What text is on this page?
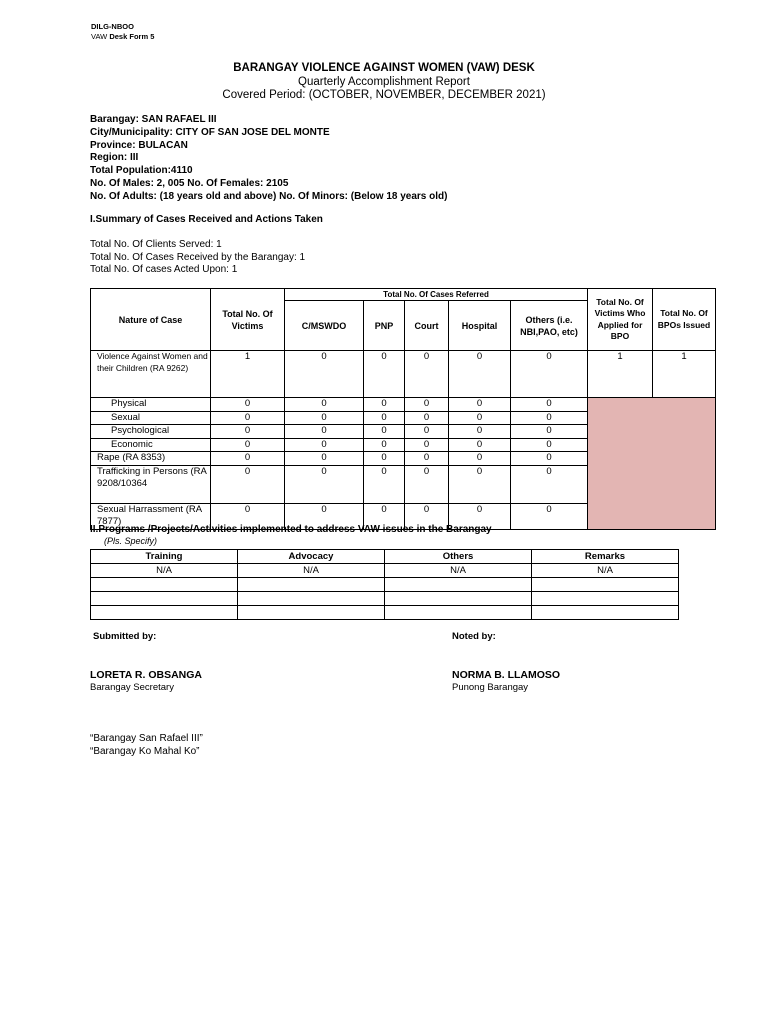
DILG-NBOO
VAW Desk Form 5
BARANGAY VIOLENCE AGAINST WOMEN (VAW) DESK
Quarterly Accomplishment Report
Covered Period: (OCTOBER, NOVEMBER, DECEMBER 2021)
Barangay: SAN RAFAEL III
City/Municipality: CITY OF SAN JOSE DEL MONTE
Province: BULACAN
Region: III
Total Population:4110
No. Of Males: 2, 005 No. Of Females: 2105
No. Of Adults: (18 years old and above) No. Of Minors: (Below 18 years old)
I.Summary of Cases Received and Actions Taken
Total No. Of Clients Served: 1
Total No. Of Cases Received by the Barangay: 1
Total No. Of cases Acted Upon: 1
Nature of Case	Total No. Of Victims	Total No. Of Cases Referred					Total No. Of Victims Who Applied for BPO	Total No. Of BPOs Issued
		C/MSWDO	PNP	Court	Hospital	Others (i.e. NBI,PAO, etc)		
Violence Against Women and their Children (RA 9262)	1	0	0	0	0	0	1	1
Physical	0	0	0	0	0	0		
Sexual	0	0	0	0	0	0		
Psychological	0	0	0	0	0	0		
Economic	0	0	0	0	0	0		
Rape (RA 8353)	0	0	0	0	0	0		
Trafficking in Persons (RA 9208/10364	0	0	0	0	0	0		
Sexual Harrassment (RA 7877)	0	0	0	0	0	0		
II.Programs /Projects/Activities implemented to address VAW issues in the Barangay
(Pls. Specify)
Training	Advocacy	Others	Remarks
N/A	N/A	N/A	N/A

Submitted by:	Noted by:
LORETA R. OBSANGA
Barangay Secretary
NORMA B. LLAMOSO
Punong Barangay
“Barangay San Rafael III”
“Barangay Ko Mahal Ko”
